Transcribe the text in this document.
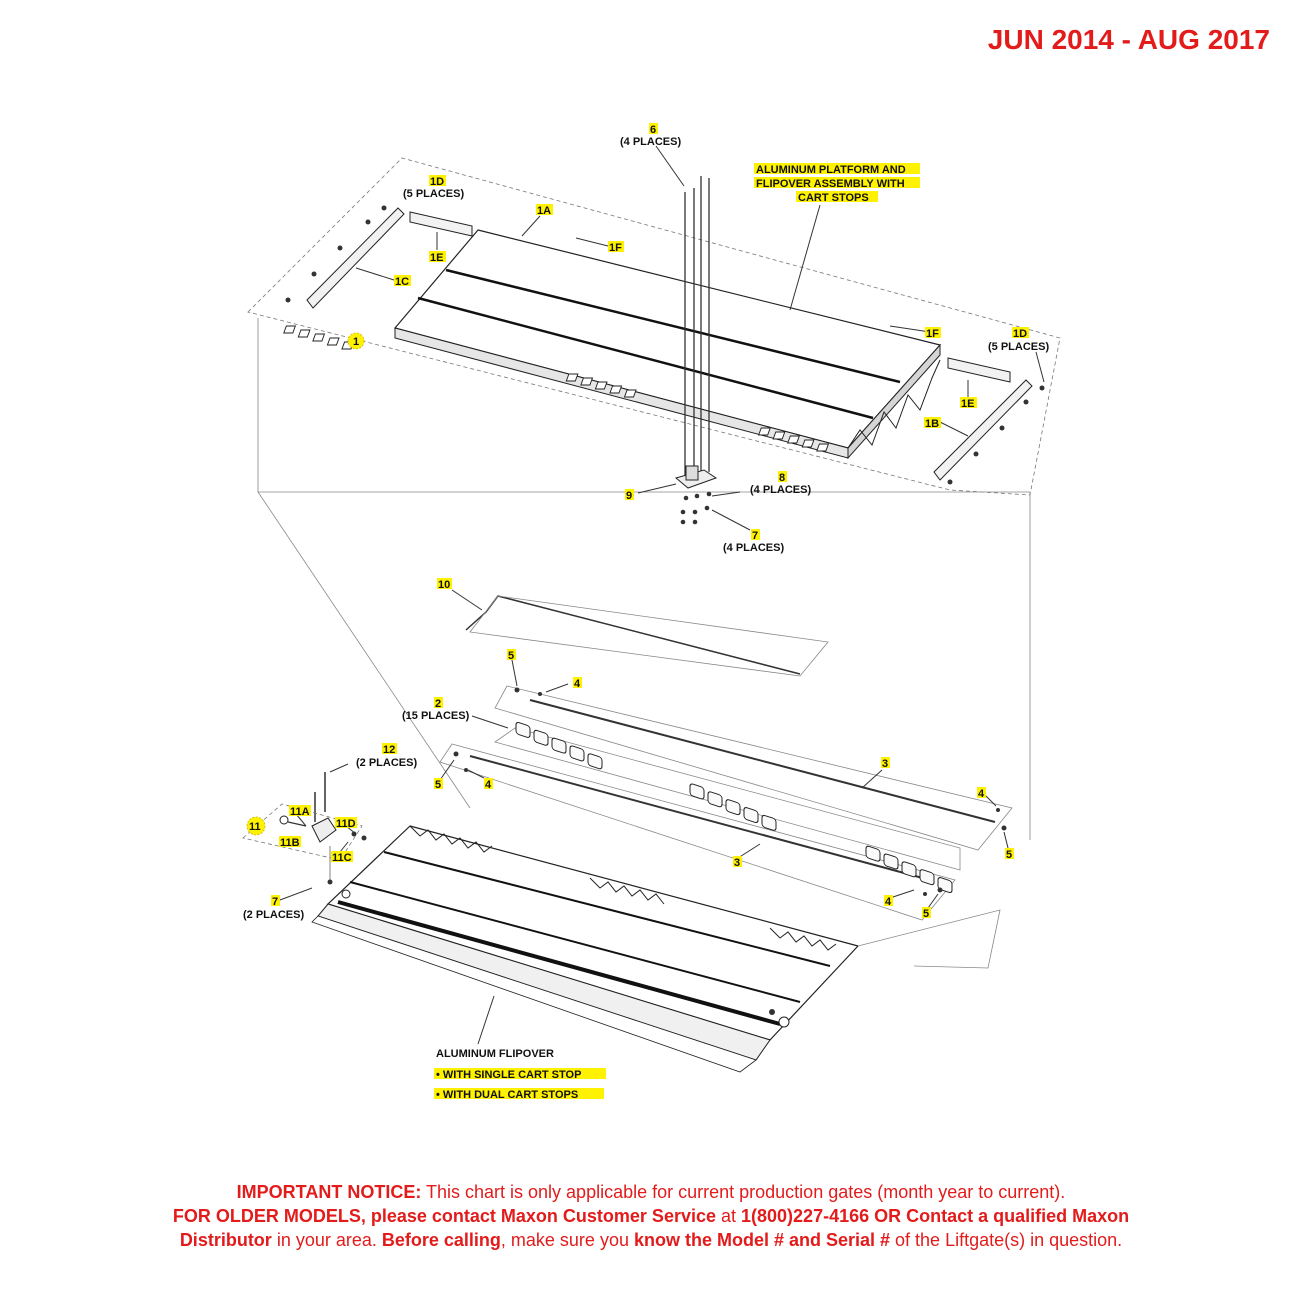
JUN 2014 - AUG 2017
6
(4 PLACES)
ALUMINUM PLATFORM AND
FLIPOVER ASSEMBLY WITH
CART STOPS
1D
(5 PLACES)
1A
1F
1E
1C
1
1F	1D
(5 PLACES)
1E
1B
8
(4 PLACES)
9
7
(4 PLACES)
10
5
4
2
(15 PLACES)
12
(2 PLACES)
5	4
3
4
5
11A
11
11B
11D
11C	3
7
(2 PLACES)
4
5
ALUMINUM FLIPOVER
• WITH SINGLE CART STOP
• WITH DUAL CART STOPS
IMPORTANT NOTICE: This chart is only applicable for current production gates (month year to current).
FOR OLDER MODELS, please contact Maxon Customer Service at 1(800)227-4166 OR Contact a qualified Maxon
Distributor in your area. Before calling, make sure you know the Model # and Serial # of the Liftgate(s) in question.
